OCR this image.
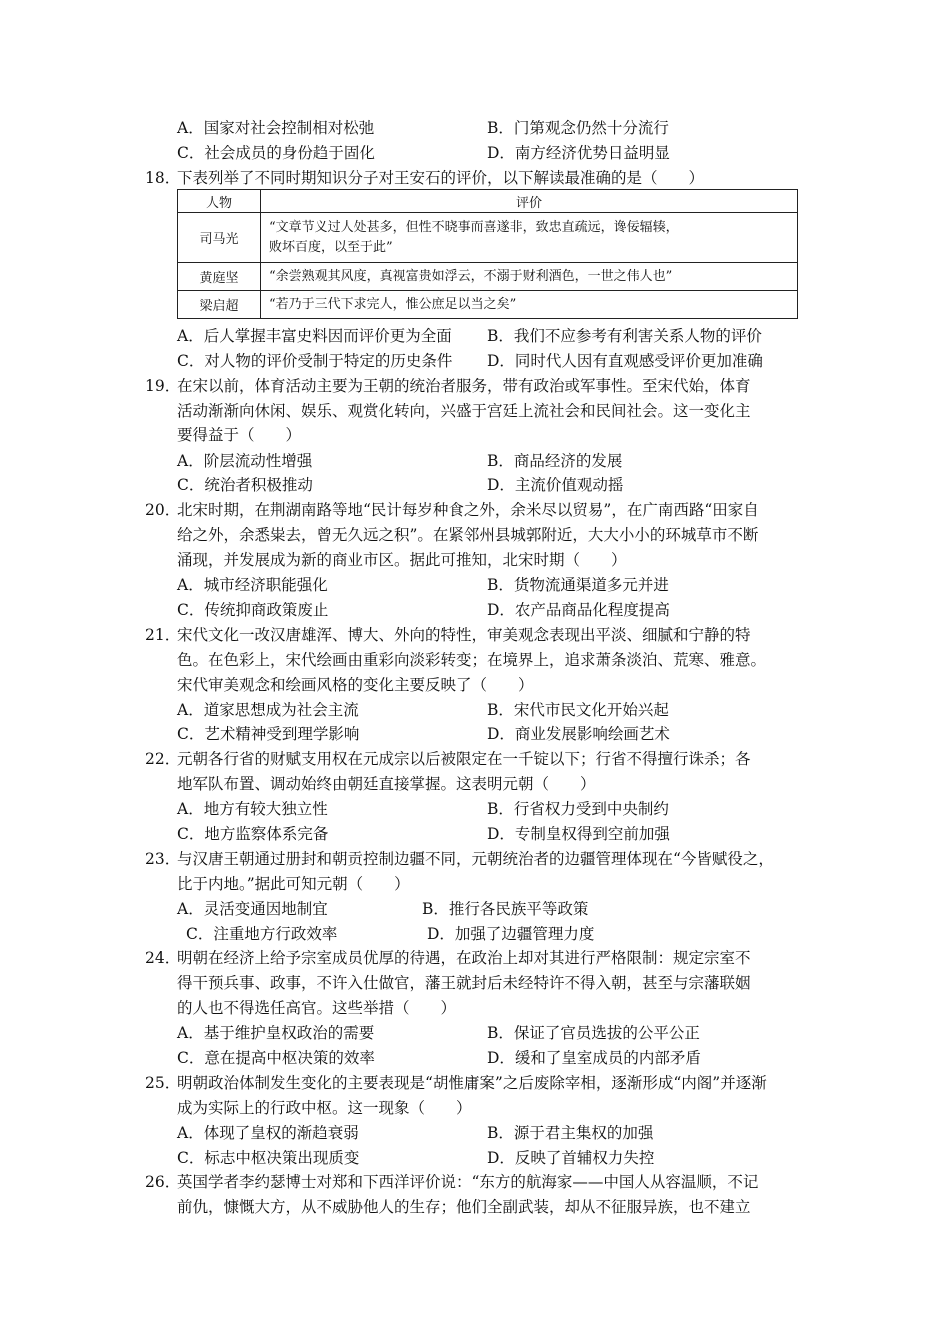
A．国家对社会控制相对松弛	B．门第观念仍然十分流行
C．社会成员的身份趋于固化	D．南方经济优势日益明显
18．
下表列举了不同时期知识分子对王安石的评价，以下解读最准确的是（　　）
人物	评价
司马光	“文章节义过人处甚多，但性不晓事而喜遂非，致忠直疏远，谗佞辐辏，
败坏百度，以至于此”

黄庭坚	“余尝熟观其风度，真视富贵如浮云，不溺于财利酒色，一世之伟人也”

梁启超	“若乃于三代下求完人，惟公庶足以当之矣”
A．后人掌握丰富史料因而评价更为全面 B．我们不应参考有利害关系人物的评价
C．对人物的评价受制于特定的历史条件 D．同时代人因有直观感受评价更加准确
19．
在宋以前，体育活动主要为王朝的统治者服务，带有政治或军事性。至宋代始，体育
活动渐渐向休闲、娱乐、观赏化转向，兴盛于宫廷上流社会和民间社会。这一变化主
要得益于（　　）
A．阶层流动性增强	B．商品经济的发展
C．统治者积极推动	D．主流价值观动摇
20．
北宋时期，在荆湖南路等地“民计每岁种食之外，余米尽以贸易”，在广南西路“田家自
给之外，余悉粜去，曾无久远之积”。在紧邻州县城郭附近，大大小小的环城草市不断
涌现，并发展成为新的商业市区。据此可推知，北宋时期（　　）
A．城市经济职能强化	B．货物流通渠道多元并进
C．传统抑商政策废止	D．农产品商品化程度提高
21．
宋代文化一改汉唐雄浑、博大、外向的特性，审美观念表现出平淡、细腻和宁静的特
色。在色彩上，宋代绘画由重彩向淡彩转变；在境界上，追求萧条淡泊、荒寒、雅意。
宋代审美观念和绘画风格的变化主要反映了（　　）
A．道家思想成为社会主流	B．宋代市民文化开始兴起
C．艺术精神受到理学影响	D．商业发展影响绘画艺术
22．
元朝各行省的财赋支用权在元成宗以后被限定在一千锭以下；行省不得擅行诛杀；各
地军队布置、调动始终由朝廷直接掌握。这表明元朝（　　）
A．地方有较大独立性	B．行省权力受到中央制约
C．地方监察体系完备	D．专制皇权得到空前加强
23．
与汉唐王朝通过册封和朝贡控制边疆不同，元朝统治者的边疆管理体现在“今皆赋役之，
比于内地。”据此可知元朝（　　）
A．灵活变通因地制宜	B．推行各民族平等政策
C．注重地方行政效率	D．加强了边疆管理力度
24．
明朝在经济上给予宗室成员优厚的待遇，在政治上却对其进行严格限制：规定宗室不
得干预兵事、政事，不许入仕做官，藩王就封后未经特许不得入朝，甚至与宗藩联姻
的人也不得选任高官。这些举措（　　）
A．基于维护皇权政治的需要	B．保证了官员选拔的公平公正
C．意在提高中枢决策的效率	D．缓和了皇室成员的内部矛盾
25．
明朝政治体制发生变化的主要表现是“胡惟庸案”之后废除宰相，逐渐形成“内阁”并逐渐
成为实际上的行政中枢。这一现象（　　）
A．体现了皇权的渐趋衰弱	B．源于君主集权的加强
C．标志中枢决策出现质变	D．反映了首辅权力失控
26．
英国学者李约瑟博士对郑和下西洋评价说：“东方的航海家——中国人从容温顺，不记
前仇，慷慨大方，从不威胁他人的生存；他们全副武装，却从不征服异族，也不建立
